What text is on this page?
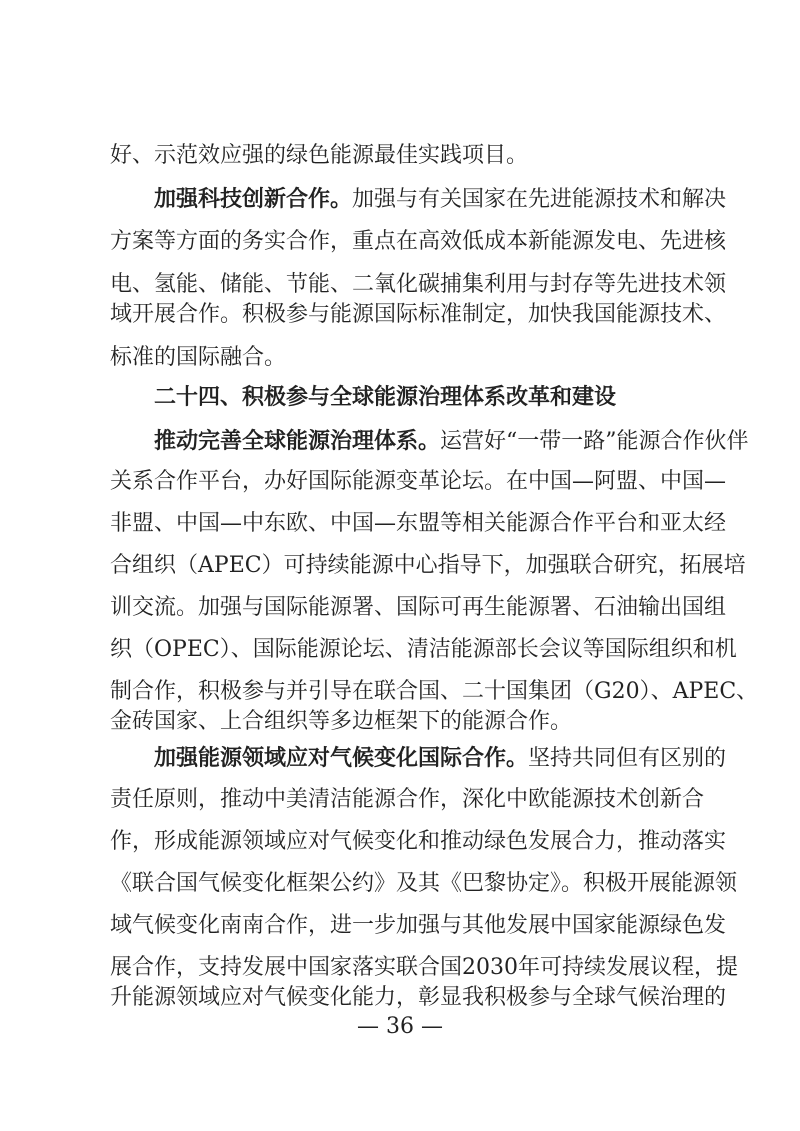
好、示范效应强的绿色能源最佳实践项目。
加强科技创新合作。加强与有关国家在先进能源技术和解决
方案等方面的务实合作，重点在高效低成本新能源发电、先进核
电、氢能、储能、节能、二氧化碳捕集利用与封存等先进技术领
域开展合作。积极参与能源国际标准制定，加快我国能源技术、
标准的国际融合。
二十四、积极参与全球能源治理体系改革和建设
推动完善全球能源治理体系。运营好“一带一路”能源合作伙伴
关系合作平台，办好国际能源变革论坛。在中国—阿盟、中国—
非盟、中国—中东欧、中国—东盟等相关能源合作平台和亚太经
合组织（APEC）可持续能源中心指导下，加强联合研究，拓展培
训交流。加强与国际能源署、国际可再生能源署、石油输出国组
织（OPEC）、国际能源论坛、清洁能源部长会议等国际组织和机
制合作，积极参与并引导在联合国、二十国集团（G20）、APEC、
金砖国家、上合组织等多边框架下的能源合作。
加强能源领域应对气候变化国际合作。坚持共同但有区别的
责任原则，推动中美清洁能源合作，深化中欧能源技术创新合
作，形成能源领域应对气候变化和推动绿色发展合力，推动落实
《联合国气候变化框架公约》及其《巴黎协定》。积极开展能源领
域气候变化南南合作，进一步加强与其他发展中国家能源绿色发
展合作，支持发展中国家落实联合国2030年可持续发展议程，提
升能源领域应对气候变化能力，彰显我积极参与全球气候治理的
— 36 —
